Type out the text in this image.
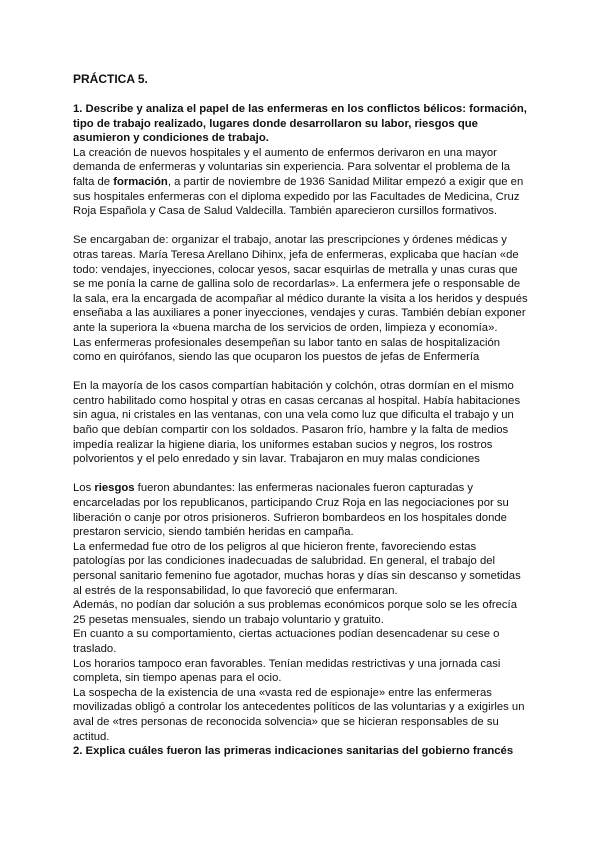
PRÁCTICA 5.

1. Describe y analiza el papel de las enfermeras en los conflictos bélicos: formación, tipo de trabajo realizado, lugares donde desarrollaron su labor, riesgos que asumieron y condiciones de trabajo.

La creación de nuevos hospitales y el aumento de enfermos derivaron en una mayor demanda de enfermeras y voluntarias sin experiencia. Para solventar el problema de la falta de formación, a partir de noviembre de 1936 Sanidad Militar empezó a exigir que en sus hospitales enfermeras con el diploma expedido por las Facultades de Medicina, Cruz Roja Española y Casa de Salud Valdecilla. También aparecieron cursillos formativos.

Se encargaban de: organizar el trabajo, anotar las prescripciones y órdenes médicas y otras tareas. María Teresa Arellano Dihinx, jefa de enfermeras, explicaba que hacían «de todo: vendajes, inyecciones, colocar yesos, sacar esquirlas de metralla y unas curas que se me ponía la carne de gallina solo de recordarlas». La enfermera jefe o responsable de la sala, era la encargada de acompañar al médico durante la visita a los heridos y después enseñaba a las auxiliares a poner inyecciones, vendajes y curas. También debían exponer ante la superiora la «buena marcha de los servicios de orden, limpieza y economía».

Las enfermeras profesionales desempeñan su labor tanto en salas de hospitalización como en quirófanos, siendo las que ocuparon los puestos de jefas de Enfermería

En la mayoría de los casos compartían habitación y colchón, otras dormían en el mismo centro habilitado como hospital y otras en casas cercanas al hospital. Había habitaciones sin agua, ni cristales en las ventanas, con una vela como luz que dificulta el trabajo y un baño que debían compartir con los soldados. Pasaron frío, hambre y la falta de medios impedía realizar la higiene diaria, los uniformes estaban sucios y negros, los rostros polvorientos y el pelo enredado y sin lavar. Trabajaron en muy malas condiciones

Los riesgos fueron abundantes: las enfermeras nacionales fueron capturadas y encarceladas por los republicanos, participando Cruz Roja en las negociaciones por su liberación o canje por otros prisioneros. Sufrieron bombardeos en los hospitales donde prestaron servicio, siendo también heridas en campaña.

La enfermedad fue otro de los peligros al que hicieron frente, favoreciendo estas patologías por las condiciones inadecuadas de salubridad. En general, el trabajo del personal sanitario femenino fue agotador, muchas horas y días sin descanso y sometidas al estrés de la responsabilidad, lo que favoreció que enfermaran.

Además, no podían dar solución a sus problemas económicos porque solo se les ofrecía 25 pesetas mensuales, siendo un trabajo voluntario y gratuito.

En cuanto a su comportamiento, ciertas actuaciones podían desencadenar su cese o traslado.

Los horarios tampoco eran favorables. Tenían medidas restrictivas y una jornada casi completa, sin tiempo apenas para el ocio.

La sospecha de la existencia de una «vasta red de espionaje» entre las enfermeras movilizadas obligó a controlar los antecedentes políticos de las voluntarias y a exigirles un aval de «tres personas de reconocida solvencia» que se hicieran responsables de su actitud.

2. Explica cuáles fueron las primeras indicaciones sanitarias del gobierno francés
